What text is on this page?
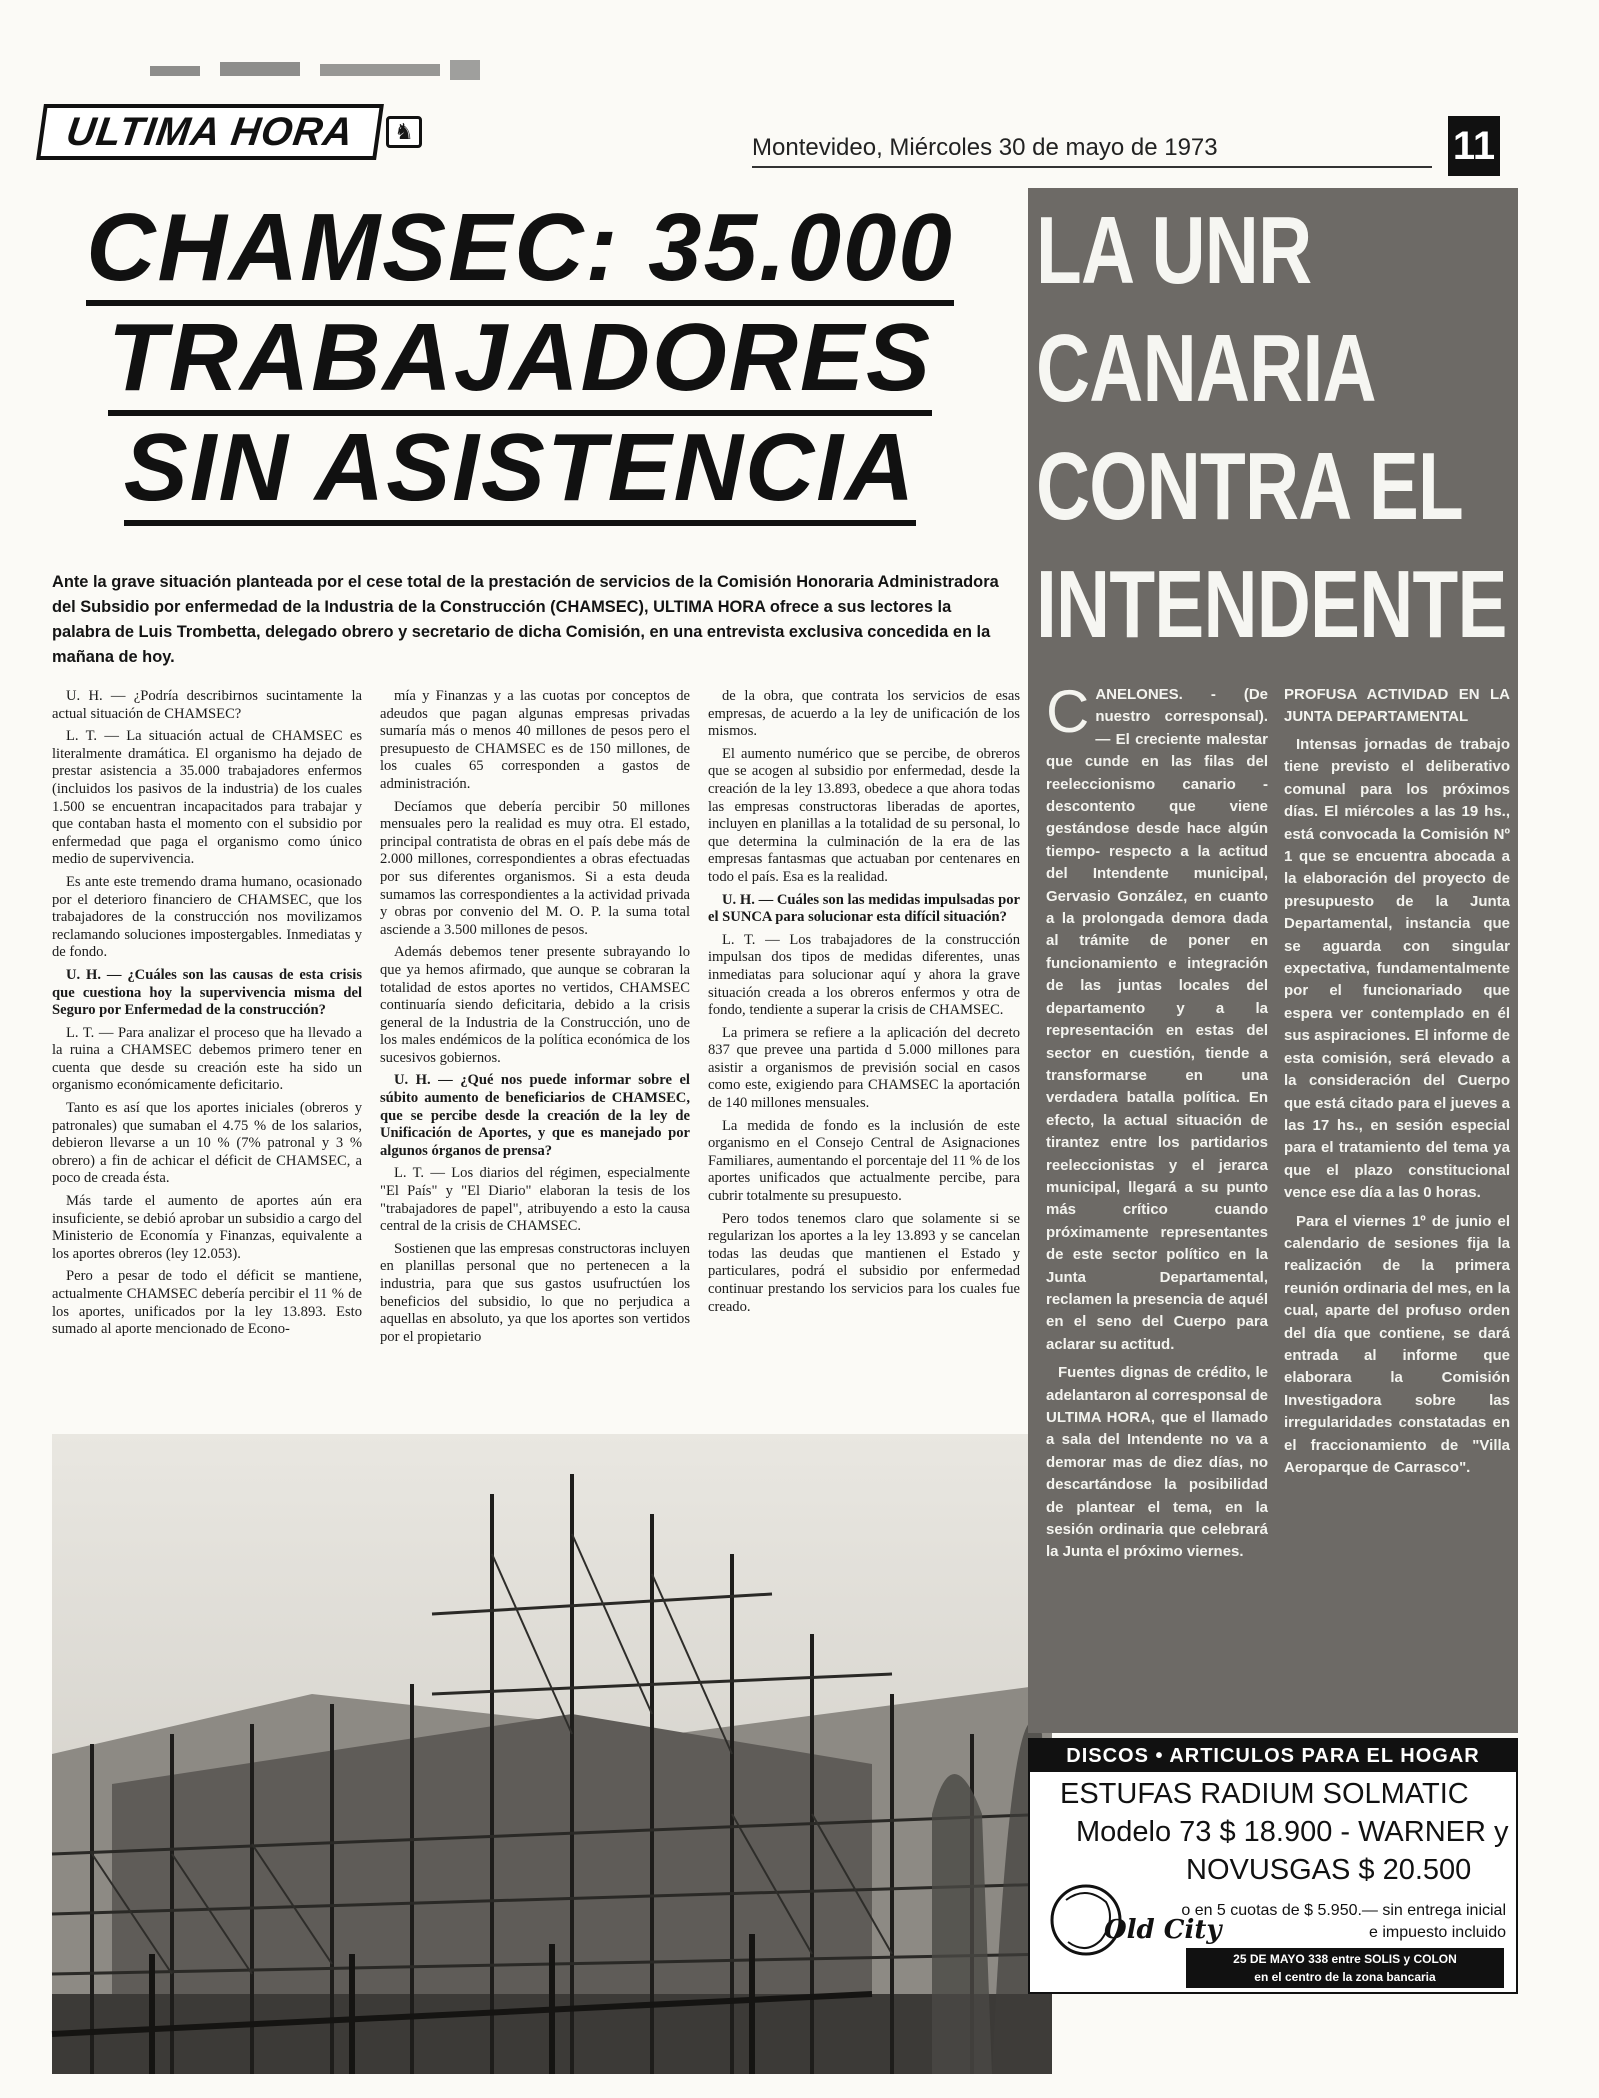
ULTIMA HORA	♞
Montevideo, Miércoles 30 de mayo de 1973	11
CHAMSEC: 35.000
TRABAJADORES
SIN ASISTENCIA
Ante la grave situación planteada por el cese total de la prestación de servicios de la Comisión Honoraria Administradora del Subsidio por enfermedad de la Industria de la Construcción (CHAMSEC), ULTIMA HORA ofrece a sus lectores la palabra de Luis Trombetta, delegado obrero y secretario de dicha Comisión, en una entrevista exclusiva concedida en la mañana de hoy.

U. H. — ¿Podría describirnos sucintamente la actual situación de CHAMSEC?

L. T. — La situación actual de CHAMSEC es literalmente dramática. El organismo ha dejado de prestar asistencia a 35.000 trabajadores enfermos (incluidos los pasivos de la industria) de los cuales 1.500 se encuentran incapacitados para trabajar y que contaban hasta el momento con el subsidio por enfermedad que paga el organismo como único medio de supervivencia.

Es ante este tremendo drama humano, ocasionado por el deterioro financiero de CHAMSEC, que los trabajadores de la construcción nos movilizamos reclamando soluciones impostergables. Inmediatas y de fondo.

U. H. — ¿Cuáles son las causas de esta crisis que cuestiona hoy la supervivencia misma del Seguro por Enfermedad de la construcción?

L. T. — Para analizar el proceso que ha llevado a la ruina a CHAMSEC debemos primero tener en cuenta que desde su creación este ha sido un organismo económicamente deficitario.

Tanto es así que los aportes iniciales (obreros y patronales) que sumaban el 4.75 % de los salarios, debieron llevarse a un 10 % (7% patronal y 3 % obrero) a fin de achicar el déficit de CHAMSEC, a poco de creada ésta.

Más tarde el aumento de aportes aún era insuficiente, se debió aprobar un subsidio a cargo del Ministerio de Economía y Finanzas, equivalente a los aportes obreros (ley 12.053).

Pero a pesar de todo el déficit se mantiene, actualmente CHAMSEC debería percibir el 11 % de los aportes, unificados por la ley 13.893. Esto sumado al aporte mencionado de Econo-

mía y Finanzas y a las cuotas por conceptos de adeudos que pagan algunas empresas privadas sumaría más o menos 40 millones de pesos pero el presupuesto de CHAMSEC es de 150 millones, de los cuales 65 corresponden a gastos de administración.

Decíamos que debería percibir 50 millones mensuales pero la realidad es muy otra. El estado, principal contratista de obras en el país debe más de 2.000 millones, correspondientes a obras efectuadas por sus diferentes organismos. Si a esta deuda sumamos las correspondientes a la actividad privada y obras por convenio del M. O. P. la suma total asciende a 3.500 millones de pesos.

Además debemos tener presente subrayando lo que ya hemos afirmado, que aunque se cobraran la totalidad de estos aportes no vertidos, CHAMSEC continuaría siendo deficitaria, debido a la crisis general de la Industria de la Construcción, uno de los males endémicos de la política económica de los sucesivos gobiernos.

U. H. — ¿Qué nos puede informar sobre el súbito aumento de beneficiarios de CHAMSEC, que se percibe desde la creación de la ley de Unificación de Aportes, y que es manejado por algunos órganos de prensa?

L. T. — Los diarios del régimen, especialmente "El País" y "El Diario" elaboran la tesis de los "trabajadores de papel", atribuyendo a esto la causa central de la crisis de CHAMSEC.

Sostienen que las empresas constructoras incluyen en planillas personal que no pertenecen a la industria, para que sus gastos usufructúen los beneficios del subsidio, lo que no perjudica a aquellas en absoluto, ya que los aportes son vertidos por el propietario

de la obra, que contrata los servicios de esas empresas, de acuerdo a la ley de unificación de los mismos.

El aumento numérico que se percibe, de obreros que se acogen al subsidio por enfermedad, desde la creación de la ley 13.893, obedece a que ahora todas las empresas constructoras liberadas de aportes, incluyen en planillas a la totalidad de su personal, lo que determina la culminación de la era de las empresas fantasmas que actuaban por centenares en todo el país. Esa es la realidad.

U. H. — Cuáles son las medidas impulsadas por el SUNCA para solucionar esta difícil situación?

L. T. — Los trabajadores de la construcción impulsan dos tipos de medidas diferentes, unas inmediatas para solucionar aquí y ahora la grave situación creada a los obreros enfermos y otra de fondo, tendiente a superar la crisis de CHAMSEC.

La primera se refiere a la aplicación del decreto 837 que prevee una partida d 5.000 millones para asistir a organismos de previsión social en casos como este, exigiendo para CHAMSEC la aportación de 140 millones mensuales.

La medida de fondo es la inclusión de este organismo en el Consejo Central de Asignaciones Familiares, aumentando el porcentaje del 11 % de los aportes unificados que actualmente percibe, para cubrir totalmente su presupuesto.

Pero todos tenemos claro que solamente si se regularizan los aportes a la ley 13.893 y se cancelan todas las deudas que mantienen el Estado y particulares, podrá el subsidio por enfermedad continuar prestando los servicios para los cuales fue creado.

LA UNR
CANARIA
CONTRA EL
INTENDENTE

CANELONES. - (De nuestro corresponsal). — El creciente malestar que cunde en las filas del reeleccionismo canario -descontento que viene gestándose desde hace algún tiempo- respecto a la actitud del Intendente municipal, Gervasio González, en cuanto a la prolongada demora dada al trámite de poner en funcionamiento e integración de las juntas locales del departamento y a la representación en estas del sector en cuestión, tiende a transformarse en una verdadera batalla política. En efecto, la actual situación de tirantez entre los partidarios reeleccionistas y el jerarca municipal, llegará a su punto más crítico cuando próximamente representantes de este sector político en la Junta Departamental, reclamen la presencia de aquél en el seno del Cuerpo para aclarar su actitud.

Fuentes dignas de crédito, le adelantaron al corresponsal de ULTIMA HORA, que el llamado a sala del Intendente no va a demorar mas de diez días, no descartándose la posibilidad de plantear el tema, en la sesión ordinaria que celebrará la Junta el próximo viernes.

PROFUSA ACTIVIDAD EN LA JUNTA DEPARTAMENTAL

Intensas jornadas de trabajo tiene previsto el deliberativo comunal para los próximos días. El miércoles a las 19 hs., está convocada la Comisión Nº 1 que se encuentra abocada a la elaboración del proyecto de presupuesto de la Junta Departamental, instancia que se aguarda con singular expectativa, fundamentalmente por el funcionariado que espera ver contemplado en él sus aspiraciones. El informe de esta comisión, será elevado a la consideración del Cuerpo que está citado para el jueves a las 17 hs., en sesión especial para el tratamiento del tema ya que el plazo constitucional vence ese día a las 0 horas.

Para el viernes 1º de junio el calendario de sesiones fija la realización de la primera reunión ordinaria del mes, en la cual, aparte del profuso orden del día que contiene, se dará entrada al informe que elaborara la Comisión Investigadora sobre las irregularidades constatadas en el fraccionamiento de "Villa Aeroparque de Carrasco".

DISCOS • ARTICULOS PARA EL HOGAR
ESTUFAS RADIUM SOLMATIC
Modelo 73 $ 18.900 - WARNER y
NOVUSGAS $ 20.500
o en 5 cuotas de $ 5.950.— sin entrega inicial e impuesto incluido
Old City
25 DE MAYO 338 entre SOLIS y COLON
en el centro de la zona bancaria
